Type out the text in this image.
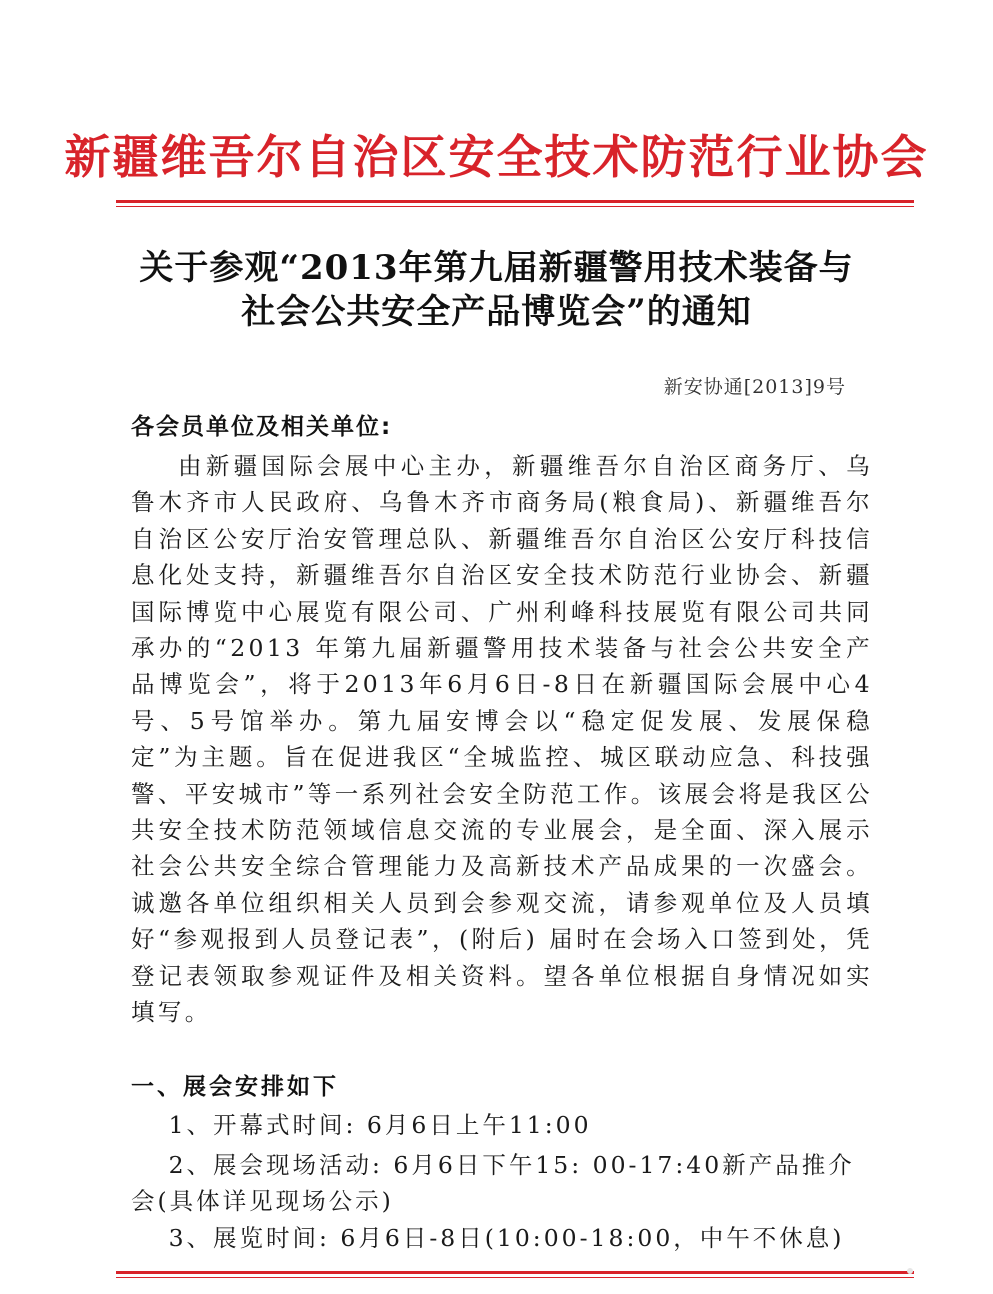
新疆维吾尔自治区安全技术防范行业协会
关于参观“2013年第九届新疆警用技术装备与
社会公共安全产品博览会”的通知
新安协通[2013]9号
各会员单位及相关单位:

由新疆国际会展中心主办，新疆维吾尔自治区商务厅、乌鲁木齐市人民政府、乌鲁木齐市商务局(粮食局)、新疆维吾尔自治区公安厅治安管理总队、新疆维吾尔自治区公安厅科技信息化处支持，新疆维吾尔自治区安全技术防范行业协会、新疆国际博览中心展览有限公司、广州利峰科技展览有限公司共同承办的“2013 年第九届新疆警用技术装备与社会公共安全产品博览会”，将于2013年6月6日-8日在新疆国际会展中心4号、5号馆举办。第九届安博会以“稳定促发展、发展保稳定”为主题。旨在促进我区“全城监控、城区联动应急、科技强警、平安城市”等一系列社会安全防范工作。该展会将是我区公共安全技术防范领域信息交流的专业展会，是全面、深入展示社会公共安全综合管理能力及高新技术产品成果的一次盛会。诚邀各单位组织相关人员到会参观交流，请参观单位及人员填好“参观报到人员登记表”，(附后) 届时在会场入口签到处，凭登记表领取参观证件及相关资料。望各单位根据自身情况如实填写。

一、展会安排如下

1、开幕式时间: 6月6日上午11:00

2、展会现场活动: 6月6日下午15: 00-17:40新产品推介会(具体详见现场公示)

3、展览时间: 6月6日-8日(10:00-18:00，中午不休息)
